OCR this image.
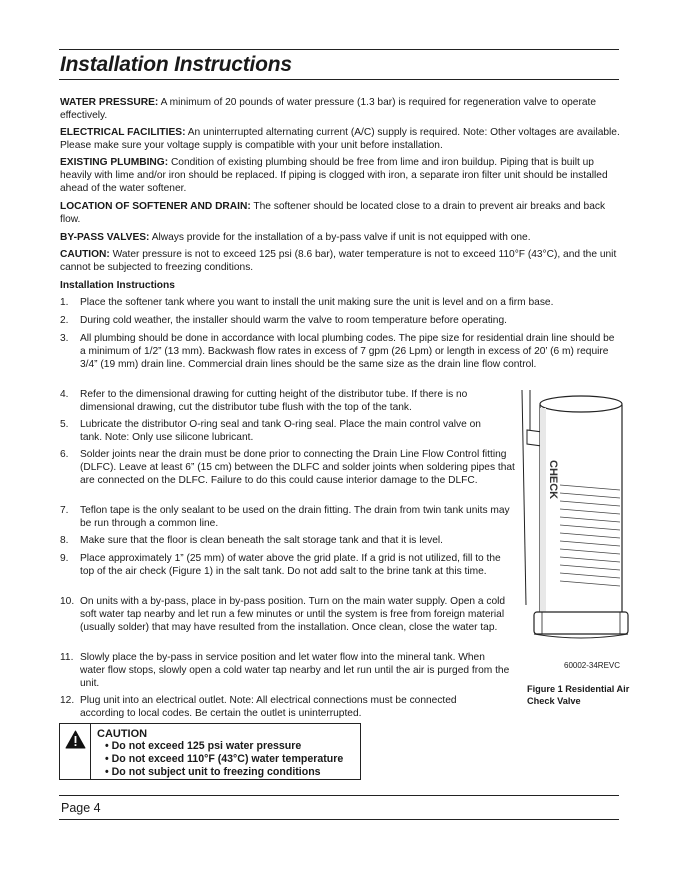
Installation Instructions
WATER PRESSURE: A minimum of 20 pounds of water pressure (1.3 bar) is required for regeneration valve to operate effectively.
ELECTRICAL FACILITIES: An uninterrupted alternating current (A/C) supply is required. Note: Other voltages are available. Please make sure your voltage supply is compatible with your unit before installation.
EXISTING PLUMBING: Condition of existing plumbing should be free from lime and iron buildup. Piping that is built up heavily with lime and/or iron should be replaced. If piping is clogged with iron, a separate iron filter unit should be installed ahead of the water softener.
LOCATION OF SOFTENER AND DRAIN: The softener should be located close to a drain to prevent air breaks and back flow.
BY-PASS VALVES: Always provide for the installation of a by-pass valve if unit is not equipped with one.
CAUTION: Water pressure is not to exceed 125 psi (8.6 bar), water temperature is not to exceed 110°F (43°C), and the unit cannot be subjected to freezing conditions.
Installation Instructions
1.	Place the softener tank where you want to install the unit making sure the unit is level and on a firm base.
2.	During cold weather, the installer should warm the valve to room temperature before operating.
3.	All plumbing should be done in accordance with local plumbing codes. The pipe size for residential drain line should be a minimum of 1/2” (13 mm). Backwash flow rates in excess of 7 gpm (26 Lpm) or length in excess of 20’ (6 m) require 3/4” (19 mm) drain line. Commercial drain lines should be the same size as the drain line flow control.
4.	Refer to the dimensional drawing for cutting height of the distributor tube. If there is no dimensional drawing, cut the distributor tube flush with the top of the tank.
5.	Lubricate the distributor O-ring seal and tank O-ring seal. Place the main control valve on tank. Note: Only use silicone lubricant.
6.	Solder joints near the drain must be done prior to connecting the Drain Line Flow Control fitting (DLFC). Leave at least 6” (15 cm) between the DLFC and solder joints when soldering pipes that are connected on the DLFC. Failure to do this could cause interior damage to the DLFC.
7.	Teflon tape is the only sealant to be used on the drain fitting. The drain from twin tank units may be run through a common line.
8.	Make sure that the floor is clean beneath the salt storage tank and that it is level.
9.	Place approximately 1” (25 mm) of water above the grid plate. If a grid is not utilized, fill to the top of the air check (Figure 1) in the salt tank. Do not add salt to the brine tank at this time.
10. On units with a by-pass, place in by-pass position. Turn on the main water supply. Open a cold soft water tap nearby and let run a few minutes or until the system is free from foreign material (usually solder) that may have resulted from the installation. Once clean, close the water tap.
11. Slowly place the by-pass in service position and let water flow into the mineral tank. When water flow stops, slowly open a cold water tap nearby and let run until the air is purged from the unit.
12. Plug unit into an electrical outlet. Note: All electrical connections must be connected according to local codes. Be certain the outlet is uninterrupted.
CHECK
60002-34REVC
Figure 1 Residential Air Check Valve
CAUTION
• Do not exceed 125 psi water pressure
• Do not exceed 110°F (43°C) water temperature
• Do not subject unit to freezing conditions
Page 4
